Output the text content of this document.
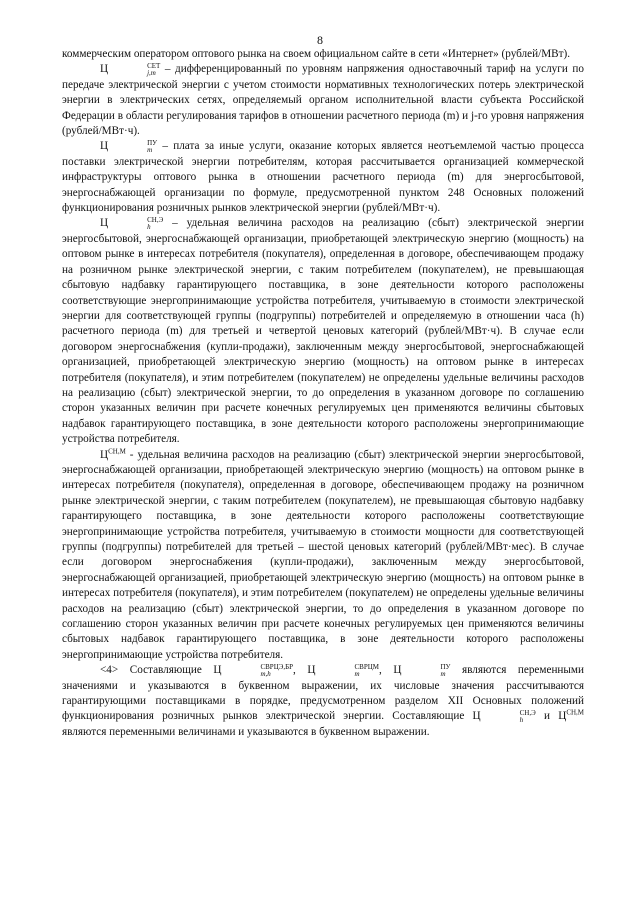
8

коммерческим оператором оптового рынка на своем официальном сайте в сети «Интернет» (рублей/МВт).

Ц	СЕТ
j,m – дифференцированный по уровням напряжения одноставочный тариф на услуги по передаче электрической энергии с учетом стоимости нормативных технологических потерь электрической энергии в электрических сетях, определяемый органом исполнительной власти субъекта Российской Федерации в области регулирования тарифов в отношении расчетного периода (m) и j-го уровня напряжения (рублей/МВт·ч).

Ц	ПУ
m – плата за иные услуги, оказание которых является неотъемлемой частью процесса поставки электрической энергии потребителям, которая рассчитывается организацией коммерческой инфраструктуры оптового рынка в отношении расчетного периода (m) для энергосбытовой, энергоснабжающей организации по формуле, предусмотренной пунктом 248 Основных положений функционирования розничных рынков электрической энергии (рублей/МВт·ч).

Ц	СН,Э
h	– удельная величина расходов на реализацию (сбыт) электрической энергии энергосбытовой, энергоснабжающей организации, приобретающей электрическую энергию (мощность) на оптовом рынке в интересах потребителя (покупателя), определенная в договоре, обеспечивающем продажу на розничном рынке электрической энергии, с таким потребителем (покупателем), не превышающая сбытовую надбавку гарантирующего поставщика, в зоне деятельности которого расположены соответствующие энергопринимающие устройства потребителя, учитываемую в стоимости электрической энергии для соответствующей группы (подгруппы) потребителей и определяемую в отношении часа (h) расчетного периода (m) для третьей и четвертой ценовых категорий (рублей/МВт·ч). В случае если договором энергоснабжения (купли-продажи), заключенным между энергосбытовой, энергоснабжающей организацией, приобретающей электрическую энергию (мощность) на оптовом рынке в интересах потребителя (покупателя), и этим потребителем (покупателем) не определены удельные величины расходов на реализацию (сбыт) электрической энергии, то до определения в указанном договоре по соглашению сторон указанных величин при расчете конечных регулируемых цен применяются величины сбытовых надбавок гарантирующего поставщика, в зоне деятельности которого расположены энергопринимающие устройства потребителя.

$Ц^{СН,М}$ - удельная величина расходов на реализацию (сбыт) электрической энергии энергосбытовой, энергоснабжающей организации, приобретающей электрическую энергию (мощность) на оптовом рынке в интересах потребителя (покупателя), определенная в договоре, обеспечивающем продажу на розничном рынке электрической энергии, с таким потребителем (покупателем), не превышающая сбытовую надбавку гарантирующего поставщика, в зоне деятельности которого расположены соответствующие энергопринимающие устройства потребителя, учитываемую в стоимости мощности для соответствующей группы (подгруппы) потребителей для третьей – шестой ценовых категорий (рублей/МВт·мес). В случае если договором энергоснабжения (купли-продажи), заключенным между энергосбытовой, энергоснабжающей организацией, приобретающей электрическую энергию (мощность) на оптовом рынке в интересах потребителя (покупателя), и этим потребителем (покупателем) не определены удельные величины расходов на реализацию (сбыт) электрической энергии, то до определения в указанном договоре по соглашению сторон указанных величин при расчете конечных регулируемых цен применяются величины сбытовых надбавок гарантирующего поставщика, в зоне деятельности которого расположены энергопринимающие устройства потребителя.

<4> Составляющие Ц	СВРЦЭ,БР
m,h	, Ц	СВРЦМ
m	, Ц	ПУ
m являются переменными значениями и указываются в буквенном выражении, их числовые значения рассчитываются гарантирующими поставщиками в порядке, предусмотренном разделом XII Основных положений функционирования розничных рынков электрической энергии. Составляющие Ц	СН,Э
h	и $Ц^{СН,М}$ являются переменными величинами и указываются в буквенном выражении.
